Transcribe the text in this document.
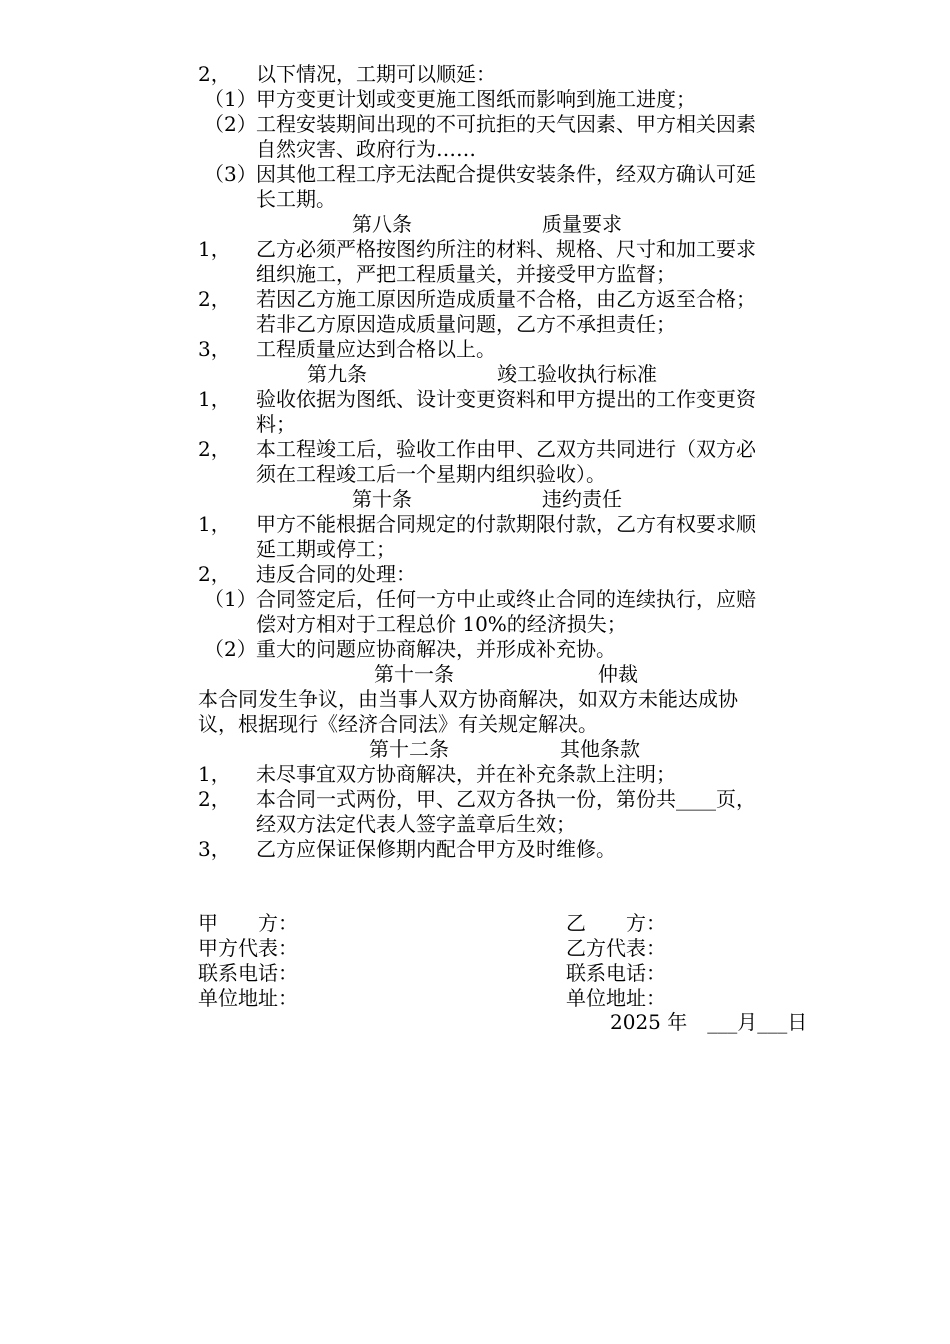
2， 以下情况，工期可以顺延：
（1） 甲方变更计划或变更施工图纸而影响到施工进度；
（2） 工程安装期间出现的不可抗拒的天气因素、甲方相关因素
自然灾害、政府行为……
（3） 因其他工程工序无法配合提供安装条件，经双方确认可延
长工期。
第八条	质量要求
1， 乙方必须严格按图约所注的材料、规格、尺寸和加工要求
组织施工，严把工程质量关，并接受甲方监督；
2， 若因乙方施工原因所造成质量不合格，由乙方返至合格；
若非乙方原因造成质量问题，乙方不承担责任；
3， 工程质量应达到合格以上。
第九条	竣工验收执行标准
1， 验收依据为图纸、设计变更资料和甲方提出的工作变更资
料；
2， 本工程竣工后，验收工作由甲、乙双方共同进行（双方必
须在工程竣工后一个星期内组织验收）。
第十条	违约责任
1， 甲方不能根据合同规定的付款期限付款，乙方有权要求顺
延工期或停工；
2， 违反合同的处理：
（1） 合同签定后，任何一方中止或终止合同的连续执行，应赔
偿对方相对于工程总价 10%的经济损失；
（2） 重大的问题应协商解决，并形成补充协。
第十一条	仲裁
本合同发生争议，由当事人双方协商解决，如双方未能达成协
议，根据现行《经济合同法》有关规定解决。
第十二条	其他条款
1， 未尽事宜双方协商解决，并在补充条款上注明；
2， 本合同一式两份，甲、乙双方各执一份，第份共____页，
经双方法定代表人签字盖章后生效；
3， 乙方应保证保修期内配合甲方及时维修。
甲　　方：	乙　　方：
甲方代表：	乙方代表：
联系电话：	联系电话：
单位地址：	单位地址：
2025 年　___月___日
